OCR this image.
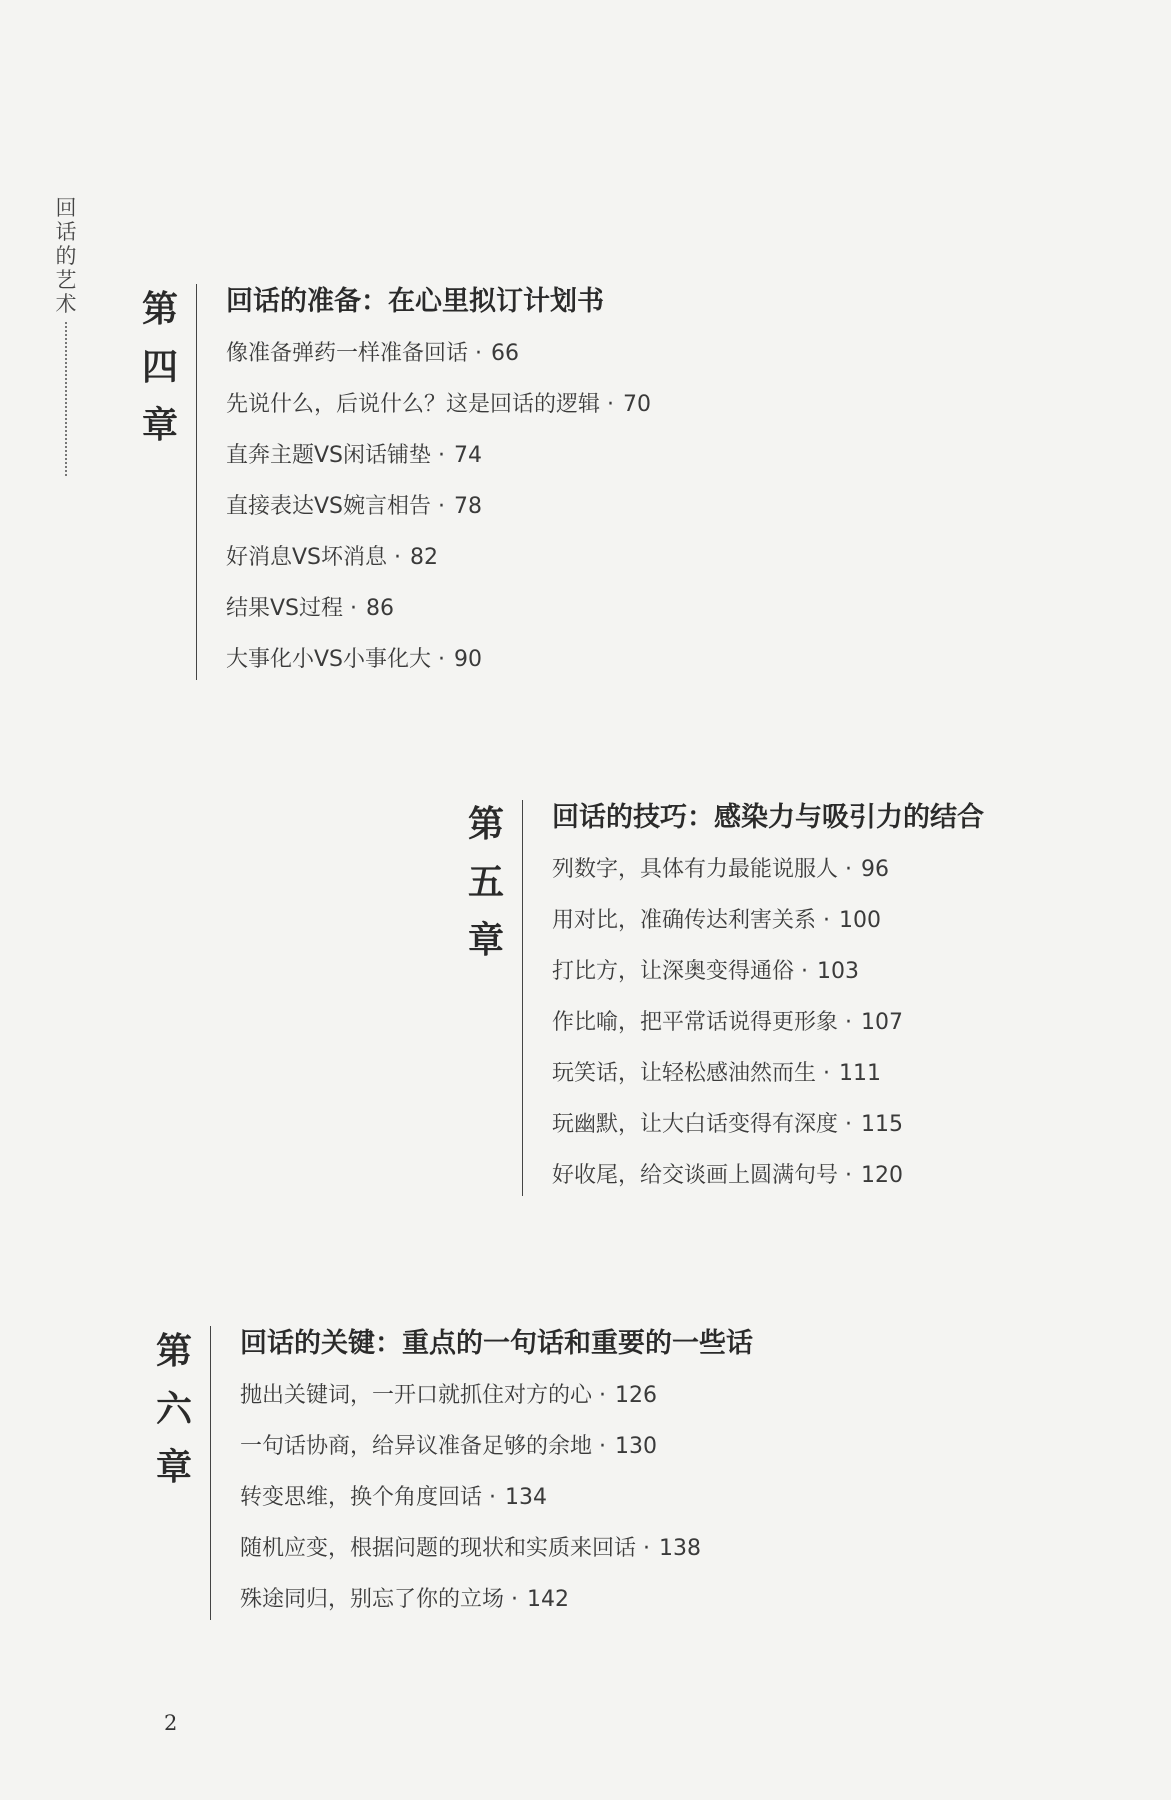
回
话
的
艺
术 第
四
章
回话的准备：在心里拟订计划书
像准备弹药一样准备回话 · 66
先说什么，后说什么？这是回话的逻辑 · 70
直奔主题VS闲话铺垫 · 74
直接表达VS婉言相告 · 78
好消息VS坏消息 · 82
结果VS过程 · 86
大事化小VS小事化大 · 90
第
五
章
回话的技巧：感染力与吸引力的结合
列数字，具体有力最能说服人 · 96
用对比，准确传达利害关系 · 100
打比方，让深奥变得通俗 · 103
作比喻，把平常话说得更形象 · 107
玩笑话，让轻松感油然而生 · 111
玩幽默，让大白话变得有深度 · 115
好收尾，给交谈画上圆满句号 · 120
第
六
章
回话的关键：重点的一句话和重要的一些话
抛出关键词，一开口就抓住对方的心 · 126
一句话协商，给异议准备足够的余地 · 130
转变思维，换个角度回话 · 134
随机应变，根据问题的现状和实质来回话 · 138
殊途同归，别忘了你的立场 · 142
2
